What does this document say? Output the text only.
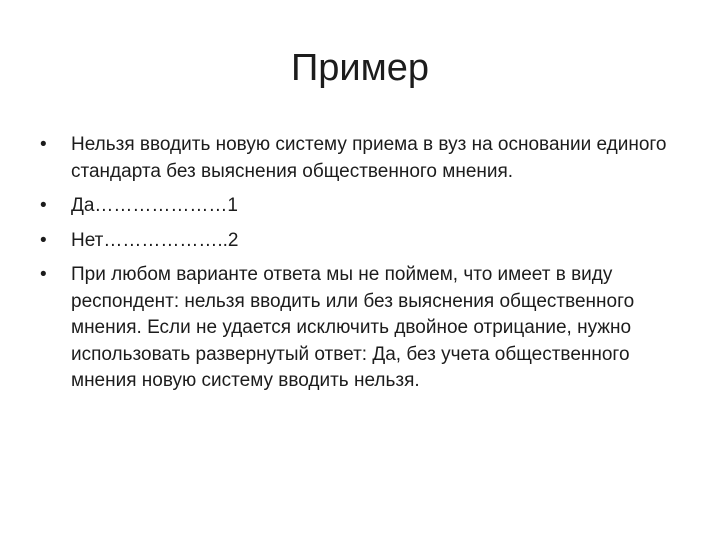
Пример
• Нельзя вводить новую систему приема в вуз на основании единого стандарта без выяснения общественного мнения.
• Да…………………1
• Нет………………..2
• При любом варианте ответа мы не поймем, что имеет в виду респондент: нельзя вводить или без выяснения общественного мнения. Если не удается исключить двойное отрицание, нужно использовать развернутый ответ: Да, без учета общественного мнения новую систему вводить нельзя.
